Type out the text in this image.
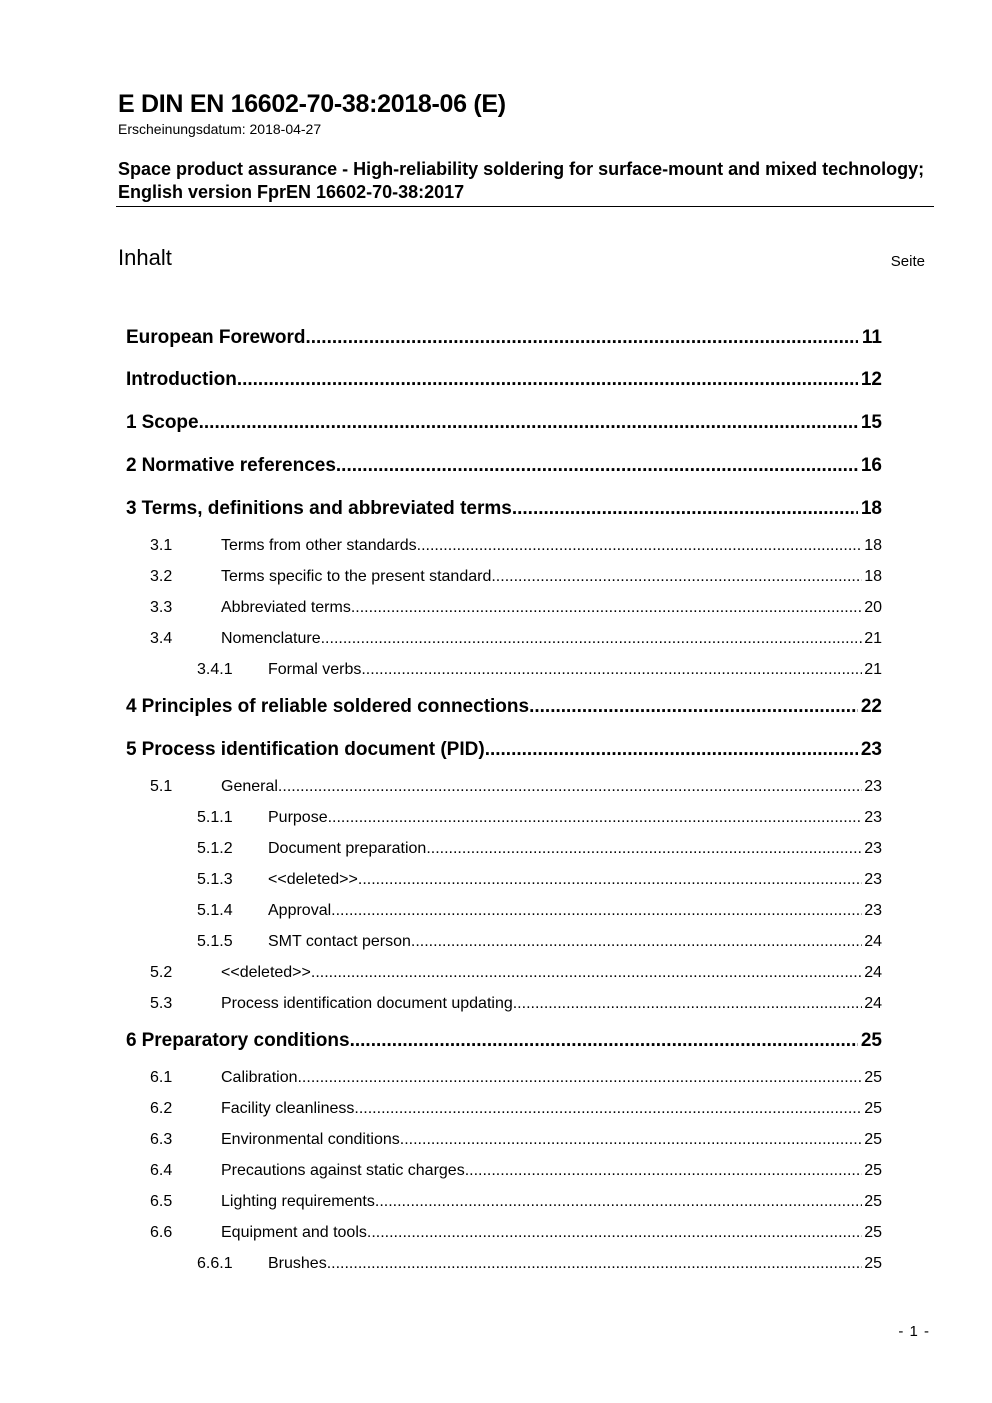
E DIN EN 16602-70-38:2018-06 (E)
Erscheinungsdatum: 2018-04-27
Space product assurance - High-reliability soldering for surface-mount and mixed technology; English version FprEN 16602-70-38:2017
Inhalt	Seite
European Foreword .....	11
Introduction .....	12
1 Scope .....	15
2 Normative references .....	16
3 Terms, definitions and abbreviated terms .....	18
3.1	Terms from other standards .....	18
3.2	Terms specific to the present standard .....	18
3.3	Abbreviated terms .....	20
3.4	Nomenclature .....	21
3.4.1	Formal verbs .....	21
4 Principles of reliable soldered connections .....	22
5 Process identification document (PID) .....	23
5.1	General .....	23
5.1.1	Purpose .....	23
5.1.2	Document preparation .....	23
5.1.3	<<deleted>> .....	23
5.1.4	Approval .....	23
5.1.5	SMT contact person .....	24
5.2	<<deleted>> .....	24
5.3	Process identification document updating .....	24
6 Preparatory conditions .....	25
6.1	Calibration .....	25
6.2	Facility cleanliness .....	25
6.3	Environmental conditions .....	25
6.4	Precautions against static charges .....	25
6.5	Lighting requirements .....	25
6.6	Equipment and tools .....	25
6.6.1	Brushes .....	25
- 1 -
